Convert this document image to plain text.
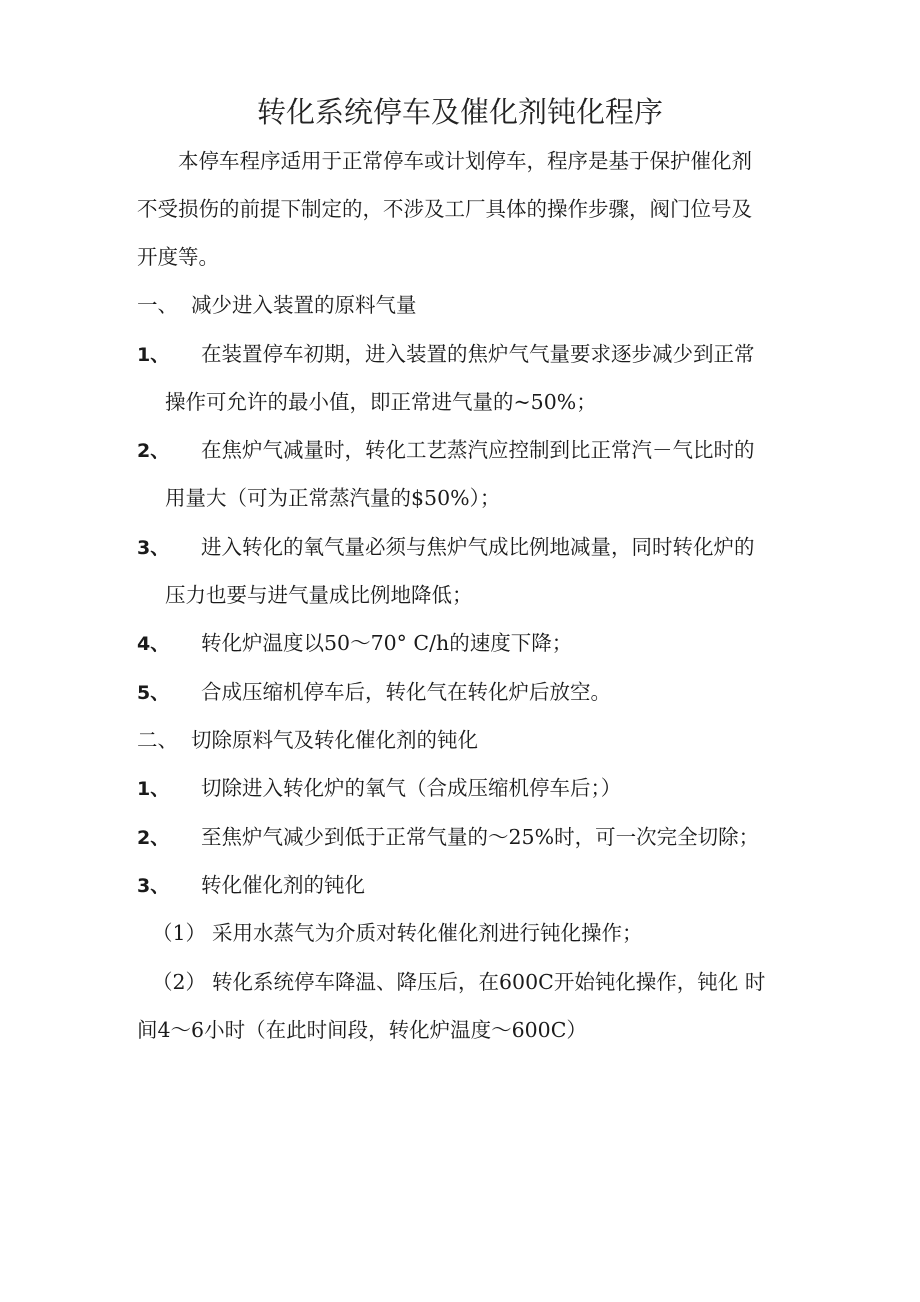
转化系统停车及催化剂钝化程序
本停车程序适用于正常停车或计划停车，程序是基于保护催化剂
不受损伤的前提下制定的，不涉及工厂具体的操作步骤，阀门位号及
开度等。
一、 减少进入装置的原料气量
1、 在装置停车初期，进入装置的焦炉气气量要求逐步减少到正常
操作可允许的最小值，即正常进气量的~50%；
2、 在焦炉气减量时，转化工艺蒸汽应控制到比正常汽－气比时的
用量大（可为正常蒸汽量的$50%）；
3、 进入转化的氧气量必须与焦炉气成比例地减量，同时转化炉的
压力也要与进气量成比例地降低；
4、 转化炉温度以50～70° C/h的速度下降；
5、 合成压缩机停车后，转化气在转化炉后放空。
二、 切除原料气及转化催化剂的钝化
1、 切除进入转化炉的氧气（合成压缩机停车后；）
2、 至焦炉气减少到低于正常气量的～25%时，可一次完全切除；
3、 转化催化剂的钝化
（1） 采用水蒸气为介质对转化催化剂进行钝化操作；
（2） 转化系统停车降温、降压后，在600C开始钝化操作，钝化 时
间4～6小时（在此时间段，转化炉温度～600C）
